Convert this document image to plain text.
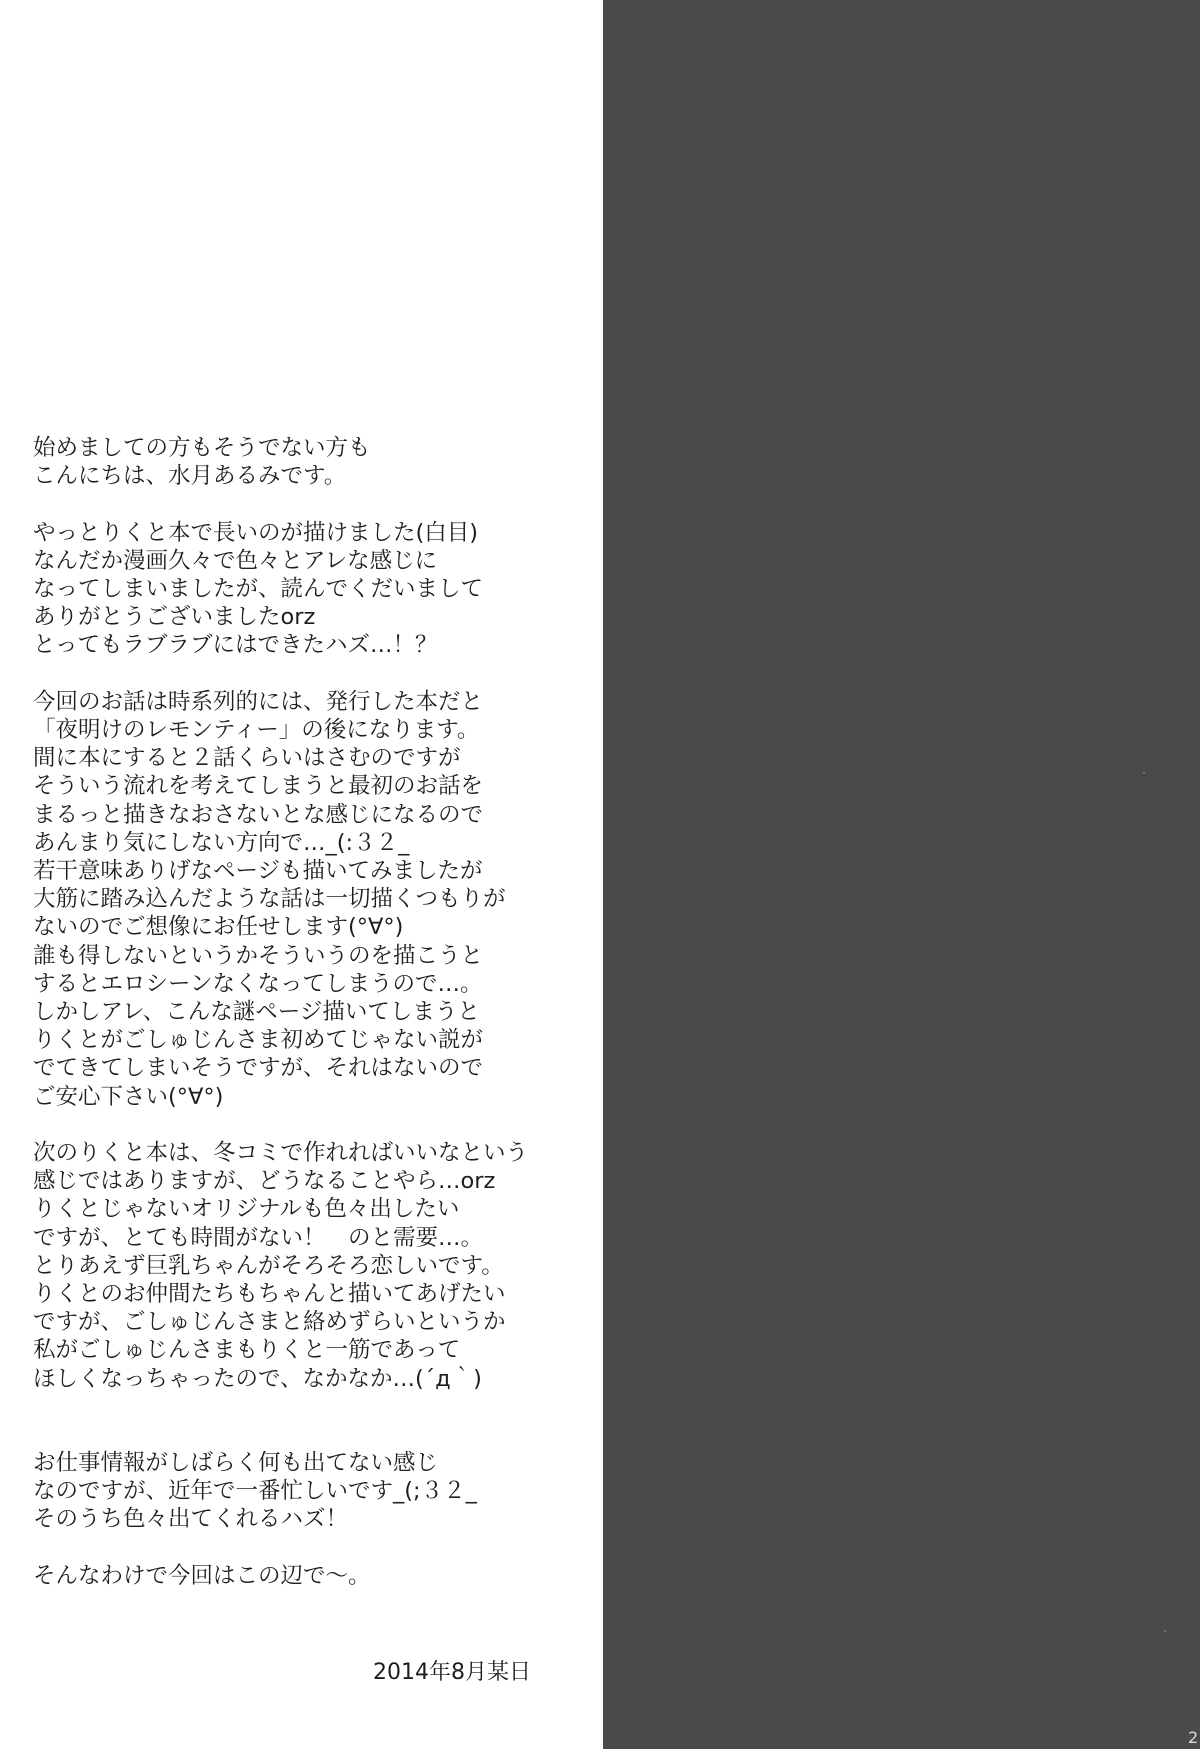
始めましての方もそうでない方も
こんにちは、水月あるみです。
やっとりくと本で長いのが描けました(白目)
なんだか漫画久々で色々とアレな感じに
なってしまいましたが、読んでくだいまして
ありがとうございましたorz
とってもラブラブにはできたハズ…！？
今回のお話は時系列的には、発行した本だと
「夜明けのレモンティー」の後になります。
間に本にすると２話くらいはさむのですが
そういう流れを考えてしまうと最初のお話を
まるっと描きなおさないとな感じになるので
あんまり気にしない方向で…_(:３２_
若干意味ありげなページも描いてみましたが
大筋に踏み込んだような話は一切描くつもりが
ないのでご想像にお任せします(°∀°)
誰も得しないというかそういうのを描こうと
するとエロシーンなくなってしまうので…。
しかしアレ、こんな謎ページ描いてしまうと
りくとがごしゅじんさま初めてじゃない説が
でてきてしまいそうですが、それはないので
ご安心下さい(°∀°)
次のりくと本は、冬コミで作れればいいなという
感じではありますが、どうなることやら…orz
りくとじゃないオリジナルも色々出したい
ですが、とても時間がない！　のと需要…。
とりあえず巨乳ちゃんがそろそろ恋しいです。
りくとのお仲間たちもちゃんと描いてあげたい
ですが、ごしゅじんさまと絡めずらいというか
私がごしゅじんさまもりくと一筋であって
ほしくなっちゃったので、なかなか…(´д｀)
お仕事情報がしばらく何も出てない感じ
なのですが、近年で一番忙しいです_(;３２_
そのうち色々出てくれるハズ！
そんなわけで今回はこの辺で～。
2014年8月某日
2
